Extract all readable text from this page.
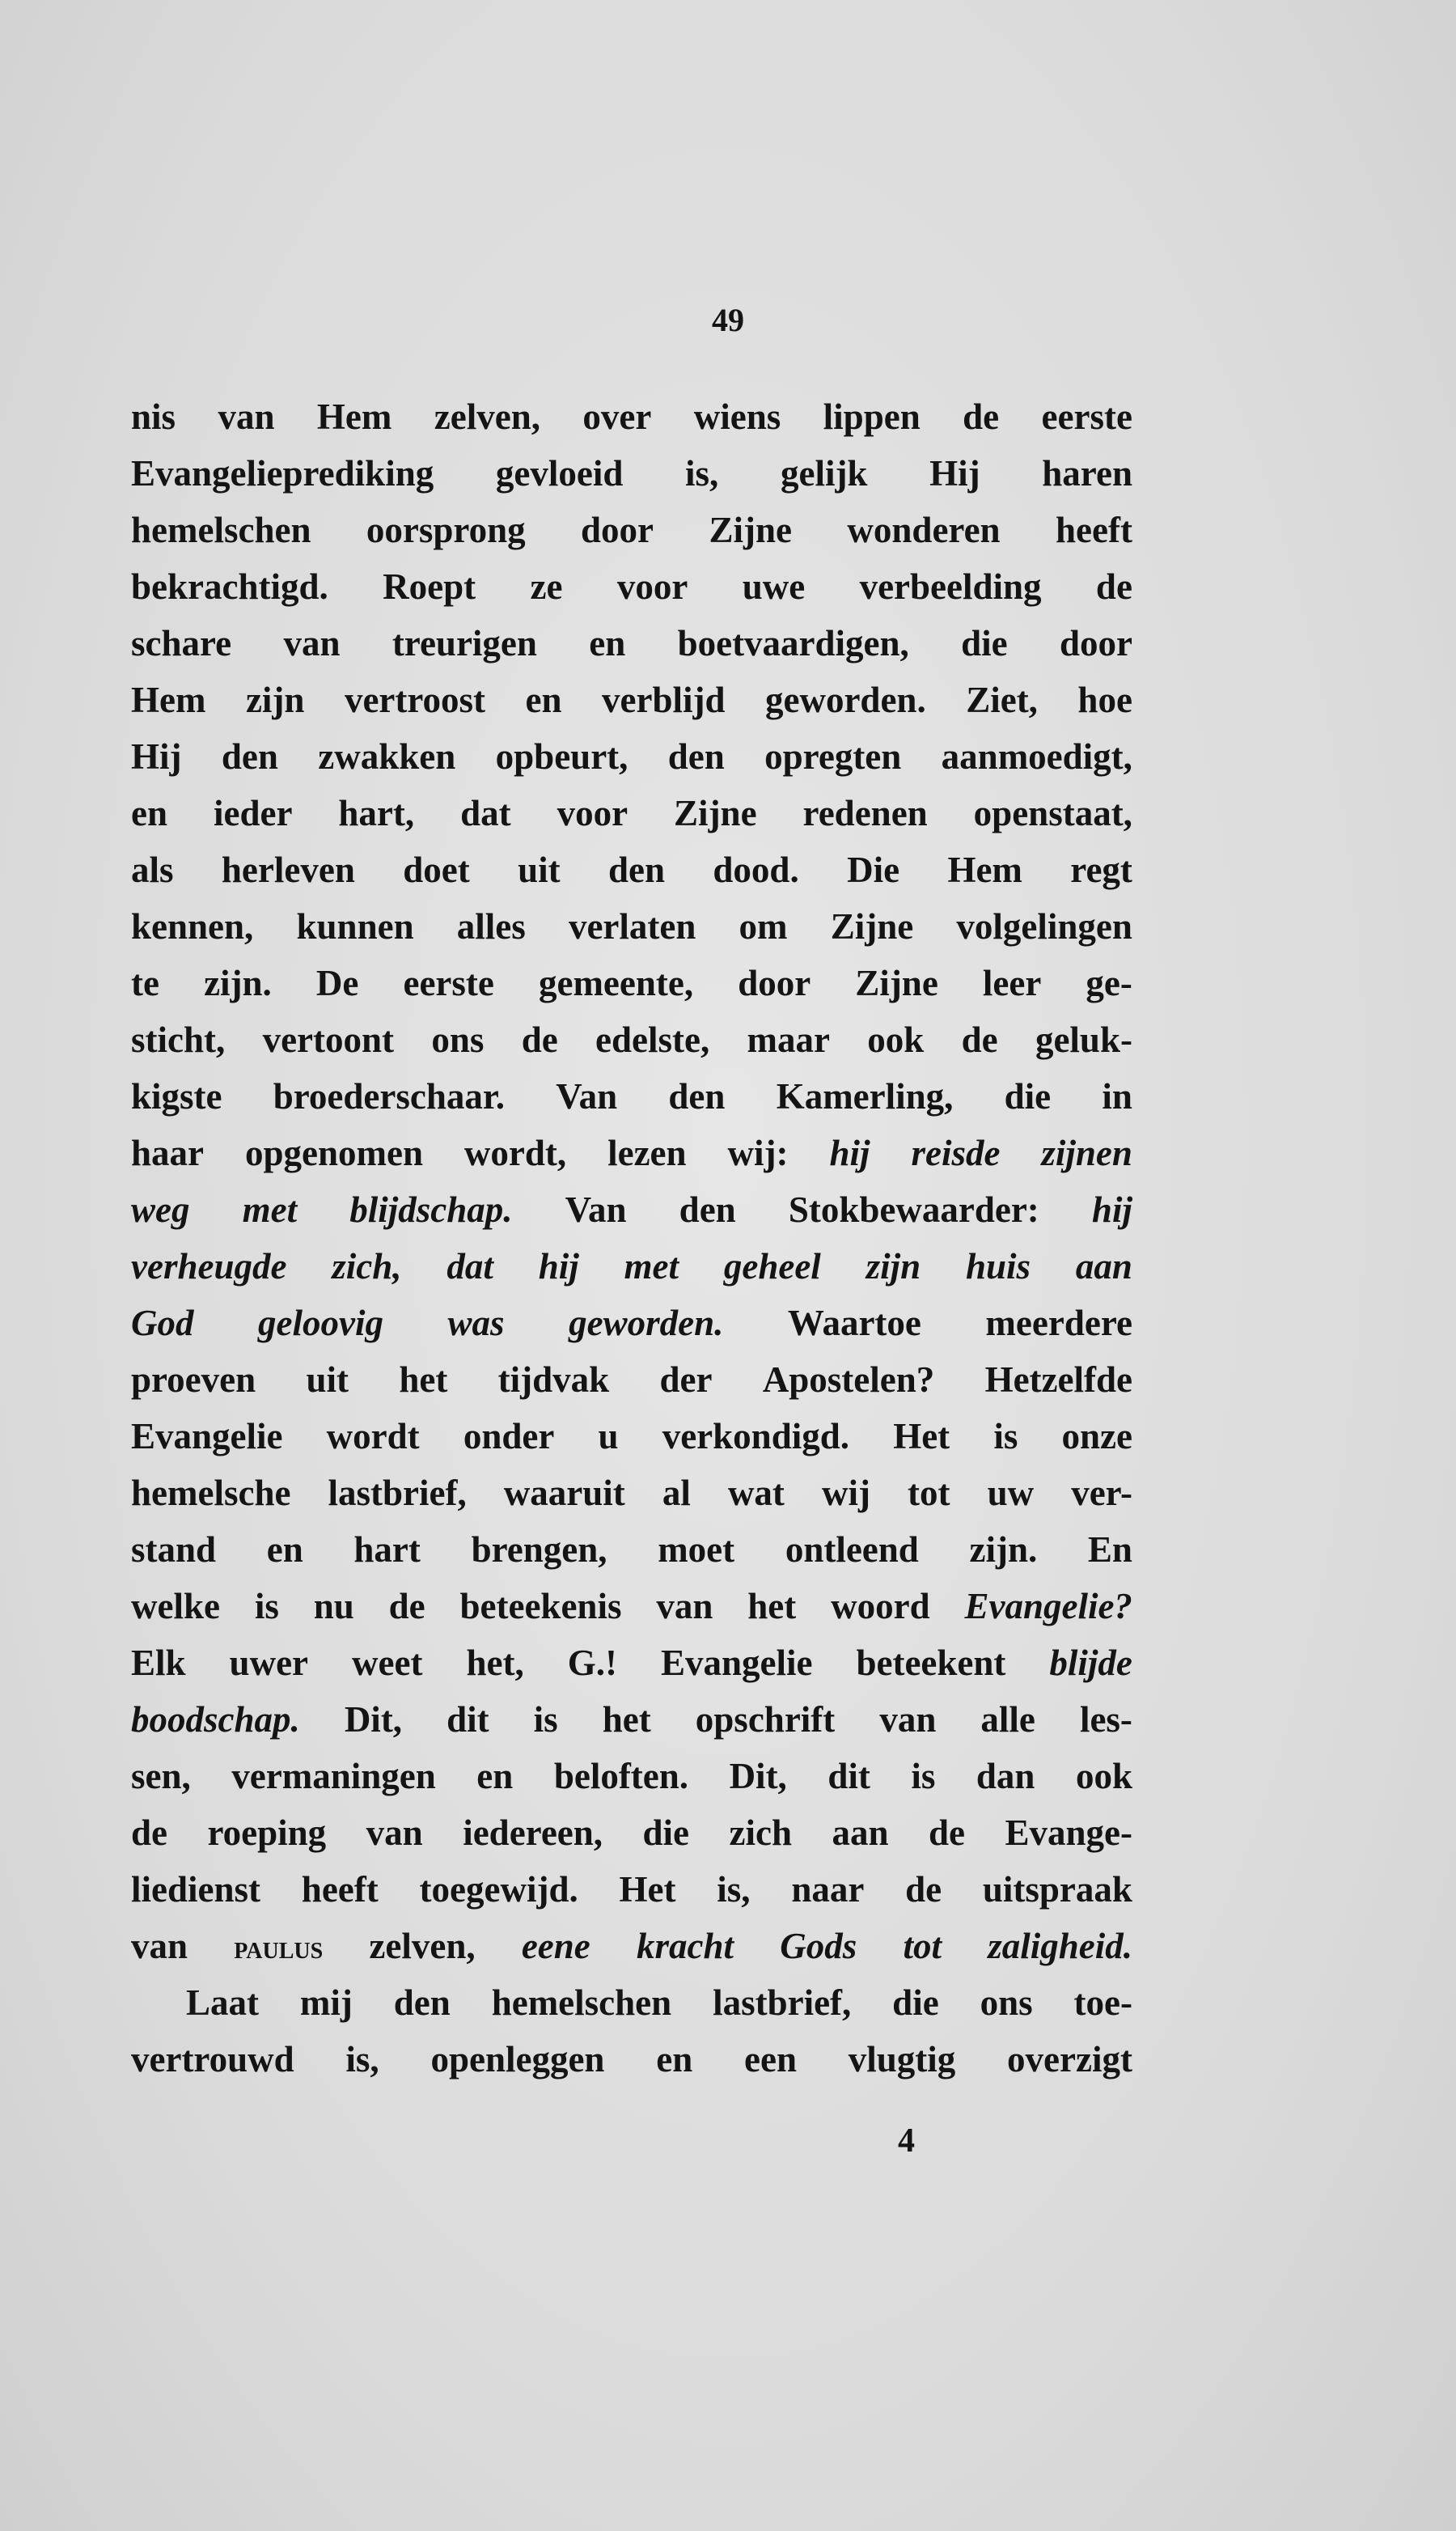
49
nis van Hem zelven, over wiens lippen de eerste
Evangelieprediking gevloeid is, gelijk Hij haren
hemelschen oorsprong door Zijne wonderen heeft
bekrachtigd. Roept ze voor uwe verbeelding de
schare van treurigen en boetvaardigen, die door
Hem zijn vertroost en verblijd geworden. Ziet, hoe
Hij den zwakken opbeurt, den opregten aanmoedigt,
en ieder hart, dat voor Zijne redenen openstaat,
als herleven doet uit den dood. Die Hem regt
kennen, kunnen alles verlaten om Zijne volgelingen
te zijn. De eerste gemeente, door Zijne leer ge-
sticht, vertoont ons de edelste, maar ook de geluk-
kigste broederschaar. Van den Kamerling, die in
haar opgenomen wordt, lezen wij: hij reisde zijnen
weg met blijdschap. Van den Stokbewaarder: hij
verheugde zich, dat hij met geheel zijn huis aan
God geloovig was geworden. Waartoe meerdere
proeven uit het tijdvak der Apostelen? Hetzelfde
Evangelie wordt onder u verkondigd. Het is onze
hemelsche lastbrief, waaruit al wat wij tot uw ver-
stand en hart brengen, moet ontleend zijn. En
welke is nu de beteekenis van het woord Evangelie?
Elk uwer weet het, G.! Evangelie beteekent blijde
boodschap. Dit, dit is het opschrift van alle les-
sen, vermaningen en beloften. Dit, dit is dan ook
de roeping van iedereen, die zich aan de Evange-
liedienst heeft toegewijd. Het is, naar de uitspraak
van paulus zelven, eene kracht Gods tot zaligheid.
Laat mij den hemelschen lastbrief, die ons toe-
vertrouwd is, openleggen en een vlugtig overzigt
4
